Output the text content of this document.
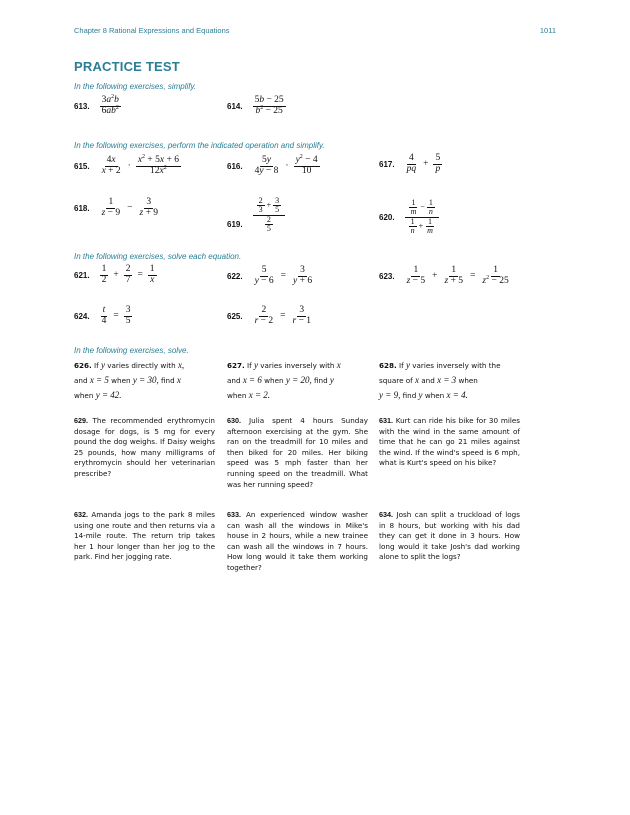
Chapter 8 Rational Expressions and Equations	1011
PRACTICE TEST
In the following exercises, simplify.
613. $\frac{3a^2b}{6ab^2}$	614. $\frac{5b - 25}{b^2 - 25}$
In the following exercises, perform the indicated operation and simplify.
615. $\frac{4x}{x + 2} \cdot \frac{x^2 + 5x + 6}{12x^2}$	616. $\frac{5y}{4y - 8} \cdot \frac{y^2 - 4}{10}$	617. $\frac{4}{pq} + \frac{5}{p}$
618. $\frac{1}{z - 9} - \frac{3}{z + 9}$
619. $\frac{\frac{2}{3} + \frac{3}{5}}{\frac{2}{5}}$	620. $\frac{\frac{1}{m} - \frac{1}{n}}{\frac{1}{n} + \frac{1}{m}}$
In the following exercises, solve each equation.
621. $\frac{1}{2} + \frac{2}{7} = \frac{1}{x}$	622. $\frac{5}{y - 6} = \frac{3}{y + 6}$	623. $\frac{1}{z - 5} + \frac{1}{z + 5} = \frac{1}{z^2 - 25}$
624. $\frac{t}{4} = \frac{3}{5}$	625. $\frac{2}{r - 2} = \frac{3}{r - 1}$
In the following exercises, solve.
626. If y varies directly with x,
and x = 5 when y = 30, find x
when y = 42.
627. If y varies inversely with x
and x = 6 when y = 20, find y
when x = 2.
628. If y varies inversely with the
square of x and x = 3 when
y = 9, find y when x = 4.
629. The recommended erythromycin dosage for dogs, is 5 mg for every pound the dog weighs. If Daisy weighs 25 pounds, how many milligrams of erythromycin should her veterinarian prescribe?
630. Julia spent 4 hours Sunday afternoon exercising at the gym. She ran on the treadmill for 10 miles and then biked for 20 miles. Her biking speed was 5 mph faster than her running speed on the treadmill. What was her running speed?
631. Kurt can ride his bike for 30 miles with the wind in the same amount of time that he can go 21 miles against the wind. If the wind's speed is 6 mph, what is Kurt's speed on his bike?
632. Amanda jogs to the park 8 miles using one route and then returns via a 14-mile route. The return trip takes her 1 hour longer than her jog to the park. Find her jogging rate.
633. An experienced window washer can wash all the windows in Mike's house in 2 hours, while a new trainee can wash all the windows in 7 hours. How long would it take them working together?
634. Josh can split a truckload of logs in 8 hours, but working with his dad they can get it done in 3 hours. How long would it take Josh's dad working alone to split the logs?
